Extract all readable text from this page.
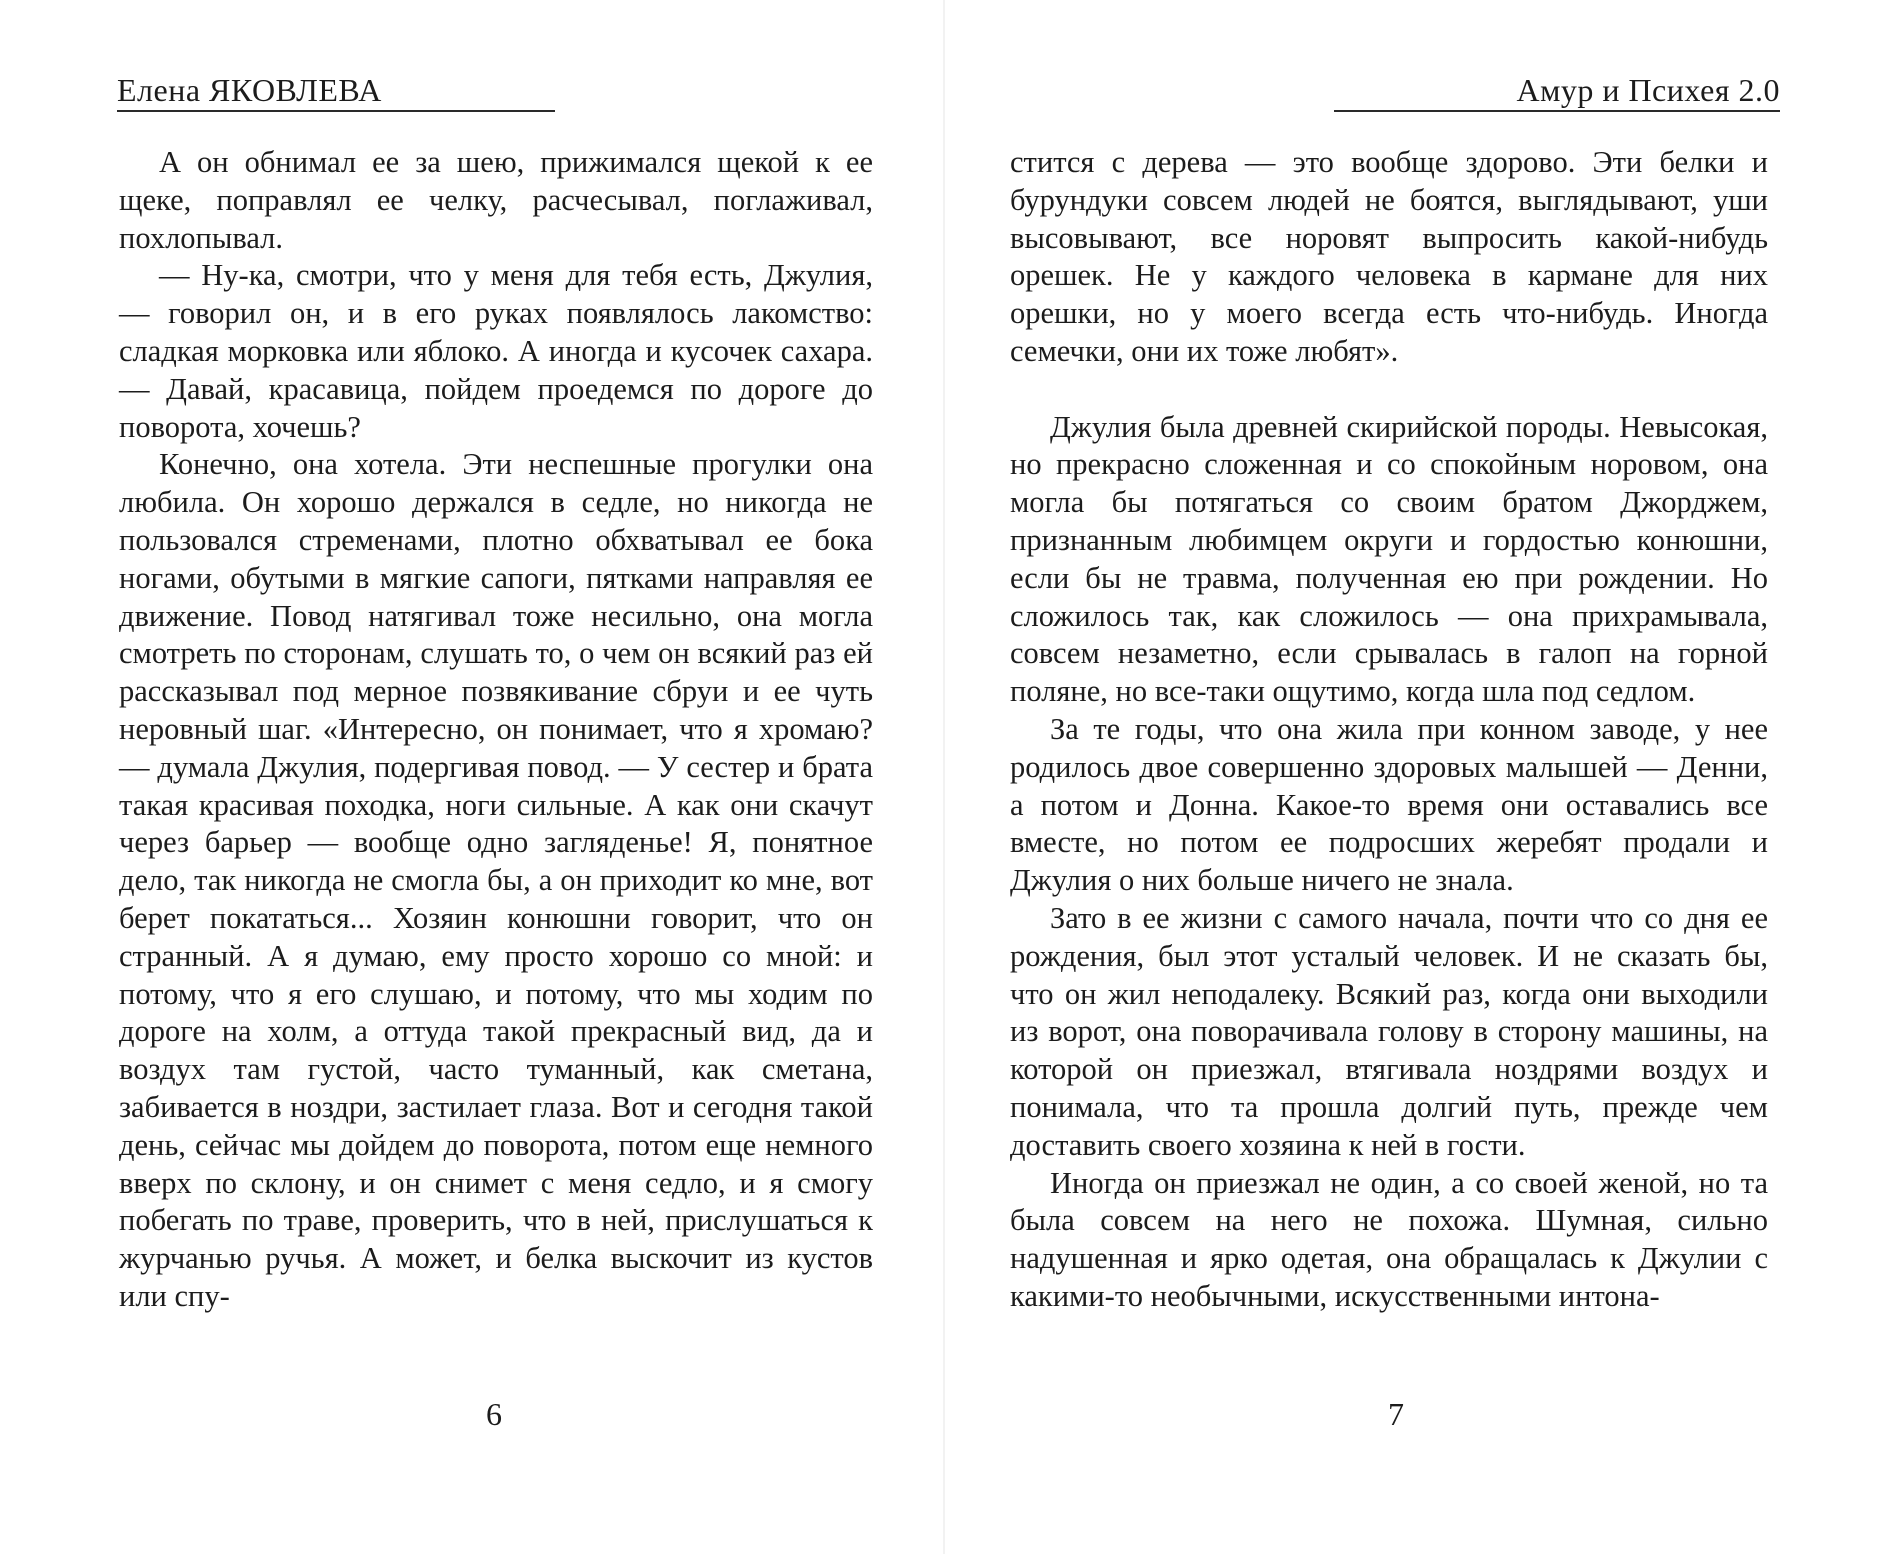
Елена ЯКОВЛЕВА

А он обнимал ее за шею, прижимался щекой к ее щеке, поправлял ее челку, расчесывал, поглаживал, похлопывал.

— Ну-ка, смотри, что у меня для тебя есть, Джулия, — говорил он, и в его руках появлялось лакомство: сладкая морковка или яблоко. А иногда и кусочек сахара. — Давай, красавица, пойдем проедемся по дороге до поворота, хочешь?

Конечно, она хотела. Эти неспешные прогулки она любила. Он хорошо держался в седле, но никогда не пользовался стременами, плотно обхватывал ее бока ногами, обутыми в мягкие сапоги, пятками направляя ее движение. Повод натягивал тоже несильно, она могла смотреть по сторонам, слушать то, о чем он всякий раз ей рассказывал под мерное позвякивание сбруи и ее чуть неровный шаг. «Интересно, он понимает, что я хромаю? — думала Джулия, подергивая повод. — У сестер и брата такая красивая походка, ноги сильные. А как они скачут через барьер — вообще одно загляденье! Я, понятное дело, так никогда не смогла бы, а он приходит ко мне, вот берет покататься... Хозяин конюшни говорит, что он странный. А я думаю, ему просто хорошо со мной: и потому, что я его слушаю, и потому, что мы ходим по дороге на холм, а оттуда такой прекрасный вид, да и воздух там густой, часто туманный, как сметана, забивается в ноздри, застилает глаза. Вот и сегодня такой день, сейчас мы дойдем до поворота, потом еще немного вверх по склону, и он снимет с меня седло, и я смогу побегать по траве, проверить, что в ней, прислушаться к журчанью ручья. А может, и белка выскочит из кустов или спу-

6
Амур и Психея 2.0

стится с дерева — это вообще здорово. Эти белки и бурундуки совсем людей не боятся, выглядывают, уши высовывают, все норовят выпросить какой-нибудь орешек. Не у каждого человека в кармане для них орешки, но у моего всегда есть что-нибудь. Иногда семечки, они их тоже любят».

Джулия была древней скирийской породы. Невысокая, но прекрасно сложенная и со спокойным норовом, она могла бы потягаться со своим братом Джорджем, признанным любимцем округи и гордостью конюшни, если бы не травма, полученная ею при рождении. Но сложилось так, как сложилось — она прихрамывала, совсем незаметно, если срывалась в галоп на горной поляне, но все-таки ощутимо, когда шла под седлом.

За те годы, что она жила при конном заводе, у нее родилось двое совершенно здоровых малышей — Денни, а потом и Донна. Какое-то время они оставались все вместе, но потом ее подросших жеребят продали и Джулия о них больше ничего не знала.

Зато в ее жизни с самого начала, почти что со дня ее рождения, был этот усталый человек. И не сказать бы, что он жил неподалеку. Всякий раз, когда они выходили из ворот, она поворачивала голову в сторону машины, на которой он приезжал, втягивала ноздрями воздух и понимала, что та прошла долгий путь, прежде чем доставить своего хозяина к ней в гости.

Иногда он приезжал не один, а со своей женой, но та была совсем на него не похожа. Шумная, сильно надушенная и ярко одетая, она обращалась к Джулии с какими-то необычными, искусственными интона-

7
